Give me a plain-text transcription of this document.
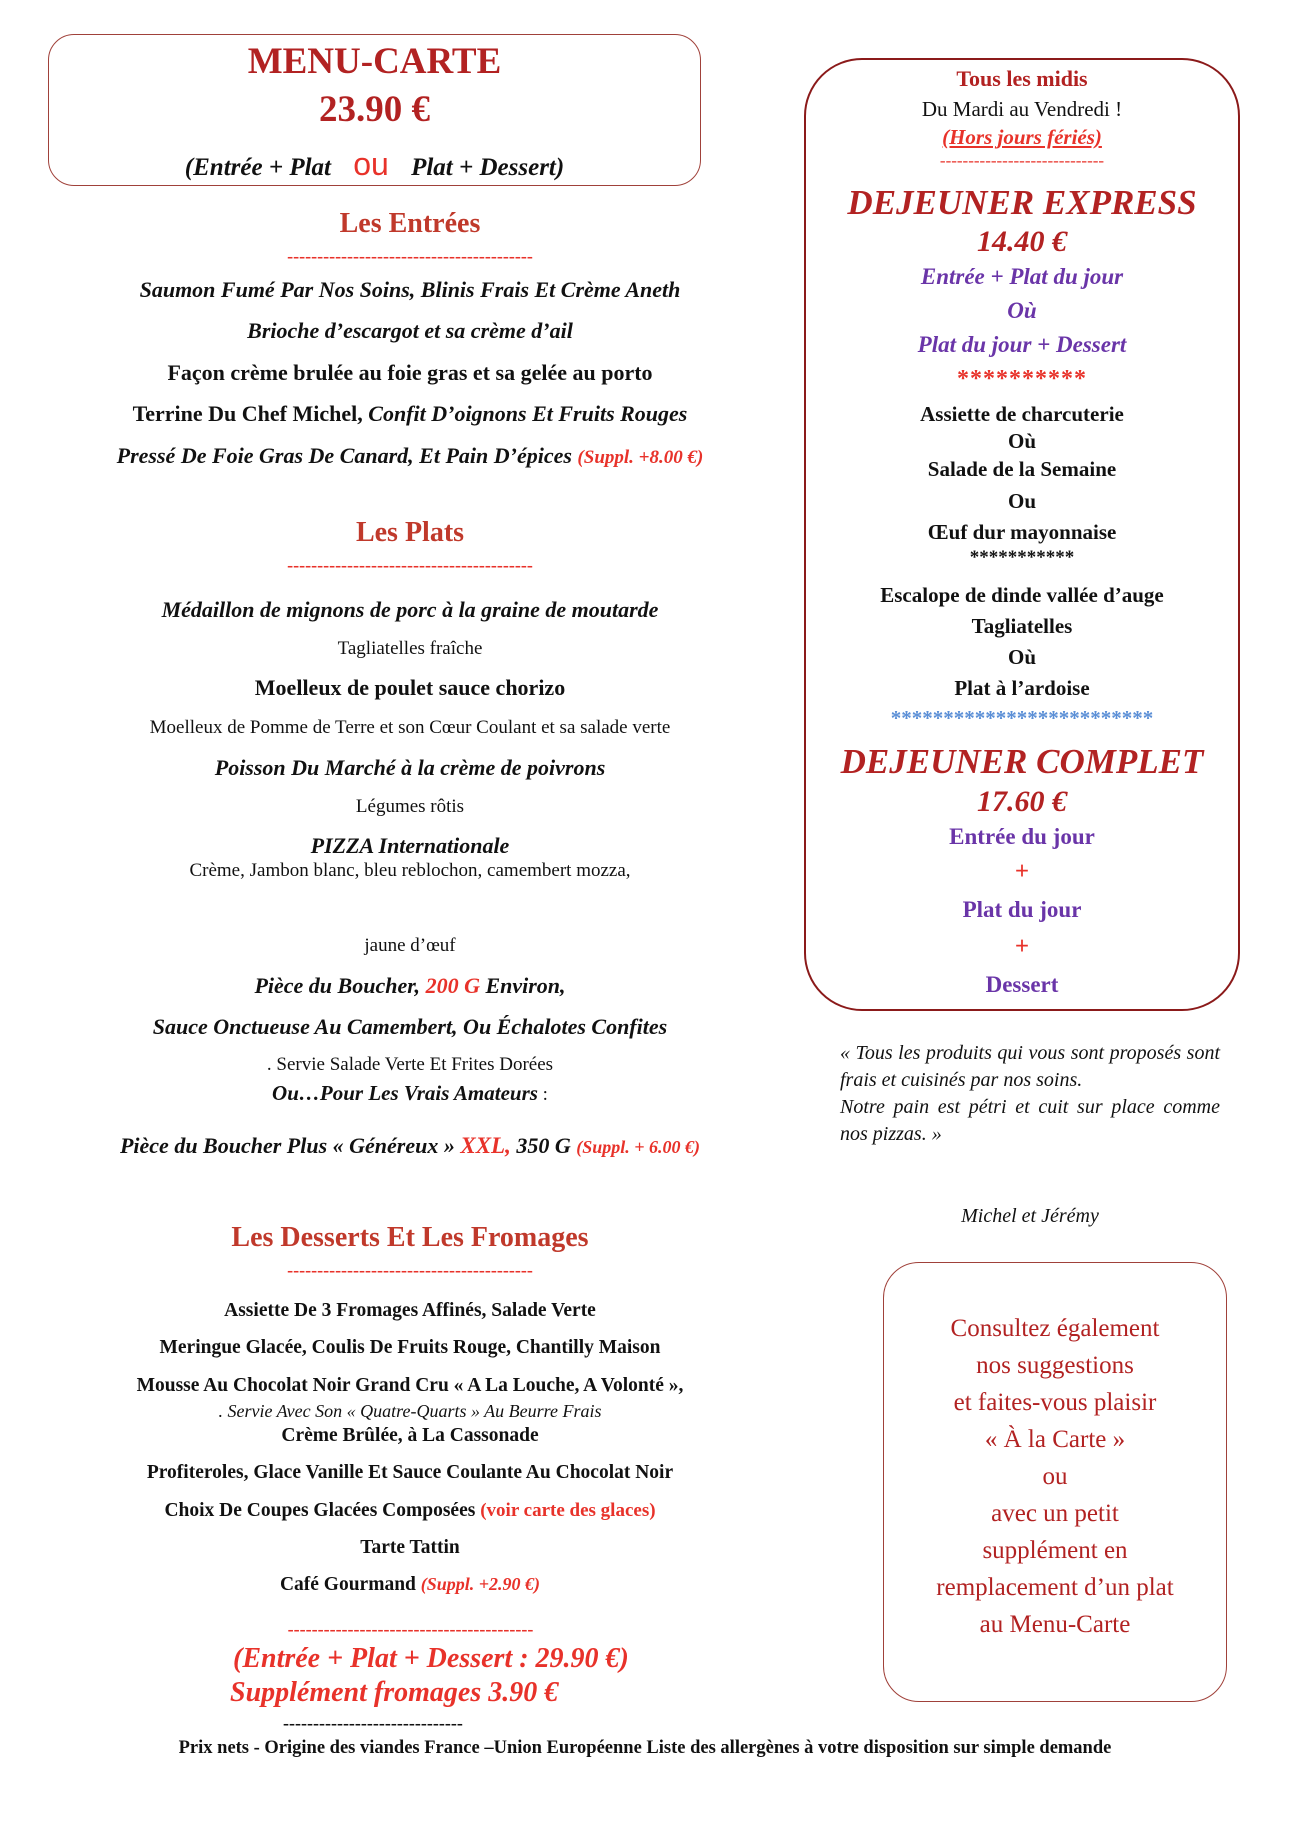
MENU-CARTE
23.90 €
(Entrée + Plat ou Plat + Dessert)
Les Entrées
-----------------------------------------
Saumon Fumé Par Nos Soins, Blinis Frais Et Crème Aneth
Brioche d’escargot et sa crème d’ail
Façon crème brulée au foie gras et sa gelée au porto
Terrine Du Chef Michel, Confit D’oignons Et Fruits Rouges
Pressé De Foie Gras De Canard, Et Pain D’épices (Suppl. +8.00 €)
Les Plats
-----------------------------------------
Médaillon de mignons de porc à la graine de moutarde
Tagliatelles fraîche
Moelleux de poulet sauce chorizo
Moelleux de Pomme de Terre et son Cœur Coulant et sa salade verte
Poisson Du Marché à la crème de poivrons
Légumes rôtis
PIZZA Internationale
Crème, Jambon blanc, bleu reblochon, camembert mozza,
jaune d’œuf
Pièce du Boucher, 200 G Environ,
Sauce Onctueuse Au Camembert, Ou Échalotes Confites
. Servie Salade Verte Et Frites Dorées
Ou…Pour Les Vrais Amateurs :
Pièce du Boucher Plus « Généreux » XXL, 350 G (Suppl. + 6.00 €)
Les Desserts Et Les Fromages
-----------------------------------------
Assiette De 3 Fromages Affinés, Salade Verte
Meringue Glacée, Coulis De Fruits Rouge, Chantilly Maison
Mousse Au Chocolat Noir Grand Cru « A La Louche, A Volonté »,
. Servie Avec Son « Quatre-Quarts » Au Beurre Frais
Crème Brûlée, à La Cassonade
Profiteroles, Glace Vanille Et Sauce Coulante Au Chocolat Noir
Choix De Coupes Glacées Composées (voir carte des glaces)
Tarte Tattin
Café Gourmand (Suppl. +2.90 €)
-----------------------------------------
(Entrée + Plat + Dessert : 29.90 €)
Supplément fromages 3.90 €
------------------------------
Tous les midis
Du Mardi au Vendredi !
(Hors jours fériés)
-----------------------------
DEJEUNER EXPRESS
14.40 €
Entrée + Plat du jour
Où
Plat du jour + Dessert
**********
Assiette de charcuterie
Où
Salade de la Semaine
Ou
Œuf dur mayonnaise
***********
Escalope de dinde vallée d’auge
Tagliatelles
Où
Plat à l’ardoise
*************************
DEJEUNER COMPLET
17.60 €
Entrée du jour
+
Plat du jour
+
Dessert
« Tous les produits qui vous sont proposés sont frais et cuisinés par nos soins.
Notre pain est pétri et cuit sur place comme nos pizzas. »
Michel et Jérémy
Consultez également
nos suggestions
et faites-vous plaisir
« À la Carte »
ou
avec un petit
supplément en
remplacement d’un plat
au Menu-Carte
Prix nets - Origine des viandes France –Union Européenne Liste des allergènes à votre disposition sur simple demande
